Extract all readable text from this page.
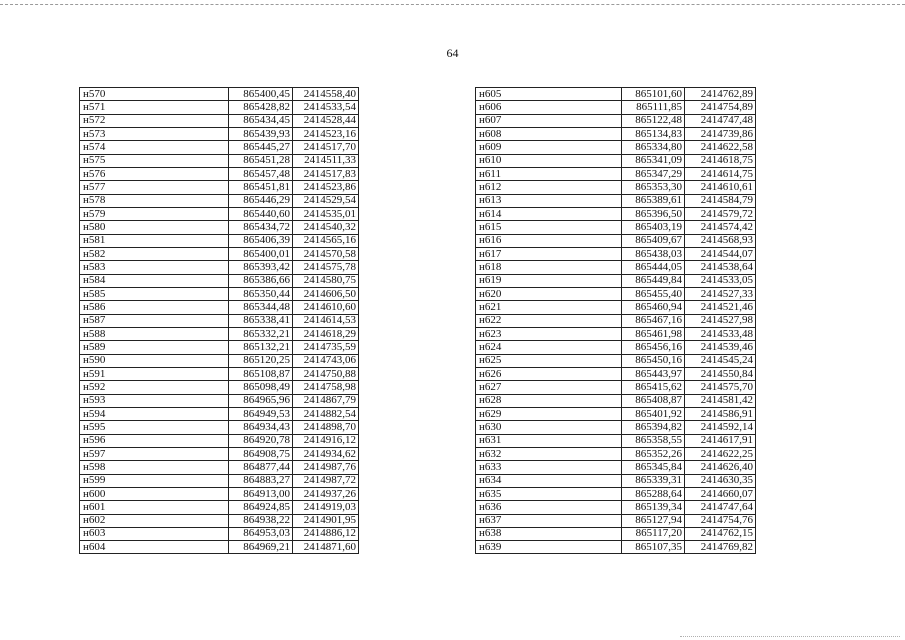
64
н570	865400,45	2414558,40
н571	865428,82	2414533,54
н572	865434,45	2414528,44
н573	865439,93	2414523,16
н574	865445,27	2414517,70
н575	865451,28	2414511,33
н576	865457,48	2414517,83
н577	865451,81	2414523,86
н578	865446,29	2414529,54
н579	865440,60	2414535,01
н580	865434,72	2414540,32
н581	865406,39	2414565,16
н582	865400,01	2414570,58
н583	865393,42	2414575,78
н584	865386,66	2414580,75
н585	865350,44	2414606,50
н586	865344,48	2414610,60
н587	865338,41	2414614,53
н588	865332,21	2414618,29
н589	865132,21	2414735,59
н590	865120,25	2414743,06
н591	865108,87	2414750,88
н592	865098,49	2414758,98
н593	864965,96	2414867,79
н594	864949,53	2414882,54
н595	864934,43	2414898,70
н596	864920,78	2414916,12
н597	864908,75	2414934,62
н598	864877,44	2414987,76
н599	864883,27	2414987,72
н600	864913,00	2414937,26
н601	864924,85	2414919,03
н602	864938,22	2414901,95
н603	864953,03	2414886,12
н604	864969,21	2414871,60
н605	865101,60	2414762,89
н606	865111,85	2414754,89
н607	865122,48	2414747,48
н608	865134,83	2414739,86
н609	865334,80	2414622,58
н610	865341,09	2414618,75
н611	865347,29	2414614,75
н612	865353,30	2414610,61
н613	865389,61	2414584,79
н614	865396,50	2414579,72
н615	865403,19	2414574,42
н616	865409,67	2414568,93
н617	865438,03	2414544,07
н618	865444,05	2414538,64
н619	865449,84	2414533,05
н620	865455,40	2414527,33
н621	865460,94	2414521,46
н622	865467,16	2414527,98
н623	865461,98	2414533,48
н624	865456,16	2414539,46
н625	865450,16	2414545,24
н626	865443,97	2414550,84
н627	865415,62	2414575,70
н628	865408,87	2414581,42
н629	865401,92	2414586,91
н630	865394,82	2414592,14
н631	865358,55	2414617,91
н632	865352,26	2414622,25
н633	865345,84	2414626,40
н634	865339,31	2414630,35
н635	865288,64	2414660,07
н636	865139,34	2414747,64
н637	865127,94	2414754,76
н638	865117,20	2414762,15
н639	865107,35	2414769,82
